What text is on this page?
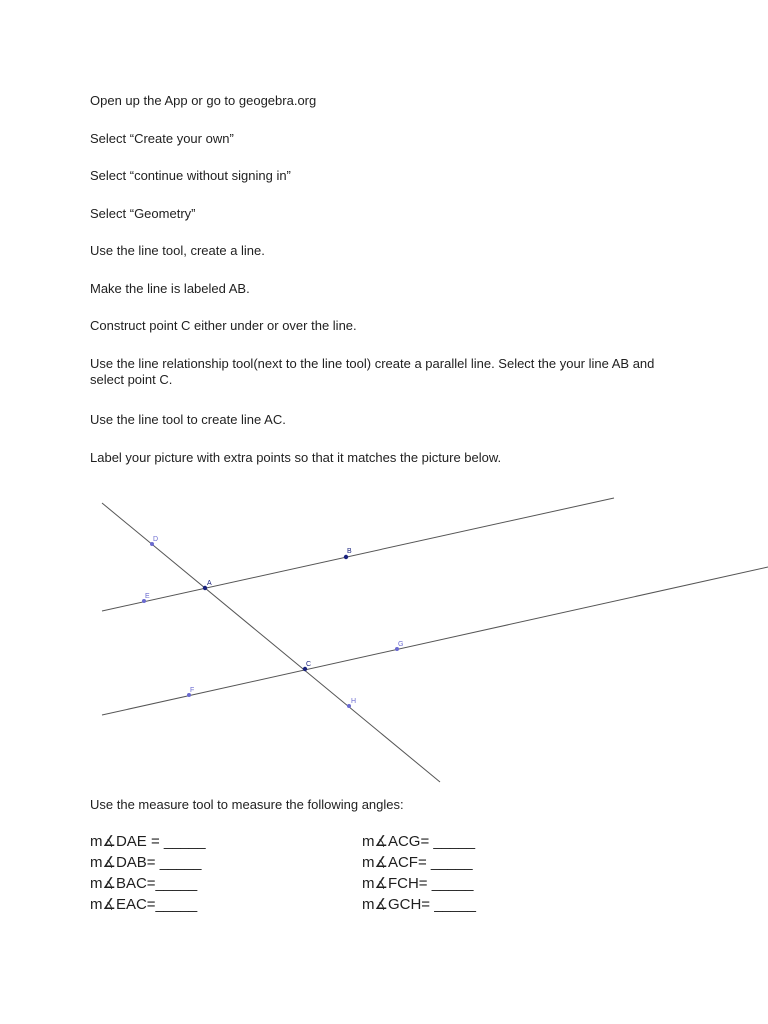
Open up the App or go to geogebra.org

Select “Create your own”

Select “continue without signing in”

Select “Geometry”

Use the line tool, create a line.

Make the line is labeled AB.

Construct point C either under or over the line.

Use the line relationship tool(next to the line tool) create a parallel line. Select the your line AB and select point C.

Use the line tool to create line AC.

Label your picture with extra points so that it matches the picture below.

A
B
C
D
E
F
G
H

Use the measure tool to measure the following angles:

m∡DAE = _____

m∡DAB= _____

m∡BAC=_____

m∡EAC=_____

m∡ACG= _____

m∡ACF= _____

m∡FCH= _____

m∡GCH= _____
